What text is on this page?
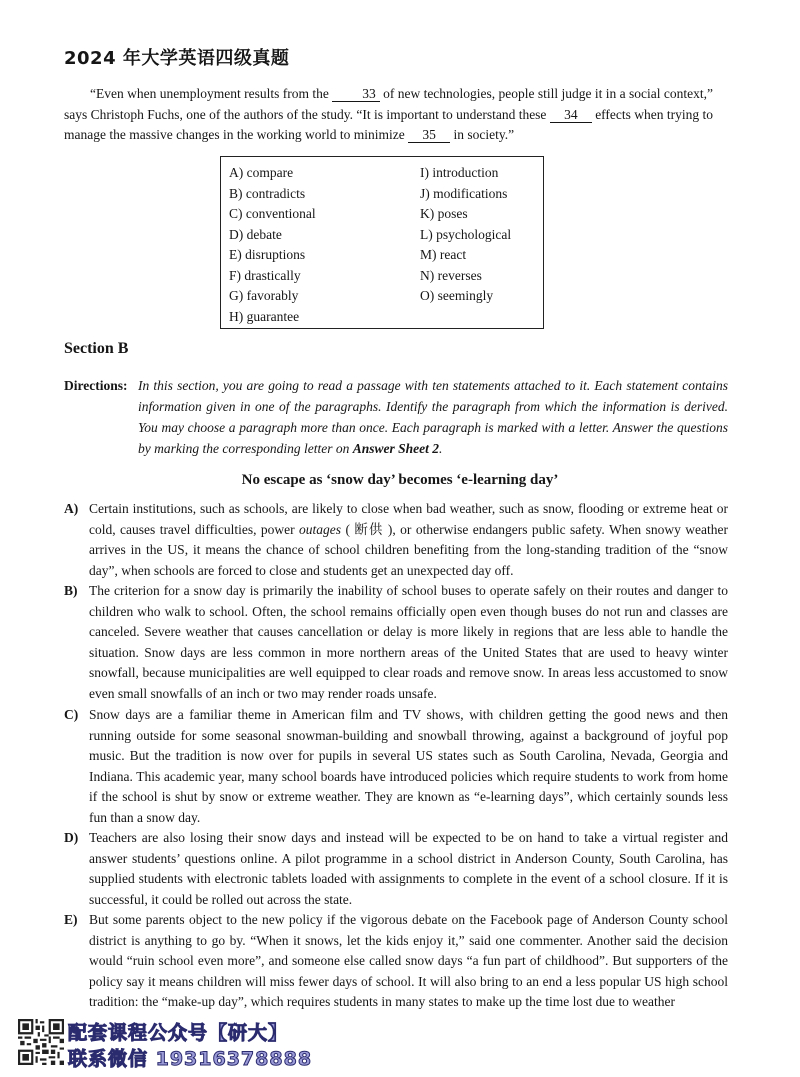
2024 年大学英语四级真题

“Even when unemployment results from the 33 of new technologies, people still judge it in a social context,”

says Christoph Fuchs, one of the authors of the study. “It is important to understand these 34 effects when trying to
manage the massive changes in the working world to minimize 35 in society.”
A) compare
B) contradicts
C) conventional
D) debate
E) disruptions
F) drastically
G) favorably
H) guarantee
I) introduction
J) modifications
K) poses
L) psychological
M) react
N) reverses
O) seemingly
Section B
Directions: In this section, you are going to read a passage with ten statements attached to it. Each statement contains information given in one of the paragraphs. Identify the paragraph from which the information is derived. You may choose a paragraph more than once. Each paragraph is marked with a letter. Answer the questions by marking the corresponding letter on Answer Sheet 2.
No escape as ‘snow day’ becomes ‘e-learning day’
A) Certain institutions, such as schools, are likely to close when bad weather, such as snow, flooding or extreme heat or cold, causes travel difficulties, power outages ( 断供 ), or otherwise endangers public safety. When snowy weather arrives in the US, it means the chance of school children benefiting from the long-standing tradition of the “snow day”, when schools are forced to close and students get an unexpected day off.
B) The criterion for a snow day is primarily the inability of school buses to operate safely on their routes and danger to children who walk to school. Often, the school remains officially open even though buses do not run and classes are canceled. Severe weather that causes cancellation or delay is more likely in regions that are less able to handle the situation. Snow days are less common in more northern areas of the United States that are used to heavy winter snowfall, because municipalities are well equipped to clear roads and remove snow. In areas less accustomed to snow even small snowfalls of an inch or two may render roads unsafe.
C) Snow days are a familiar theme in American film and TV shows, with children getting the good news and then running outside for some seasonal snowman-building and snowball throwing, against a background of joyful pop music. But the tradition is now over for pupils in several US states such as South Carolina, Nevada, Georgia and Indiana. This academic year, many school boards have introduced policies which require students to work from home if the school is shut by snow or extreme weather. They are known as “e-learning days”, which certainly sounds less fun than a snow day.
D) Teachers are also losing their snow days and instead will be expected to be on hand to take a virtual register and answer students’ questions online. A pilot programme in a school district in Anderson County, South Carolina, has supplied students with electronic tablets loaded with assignments to complete in the event of a school closure. If it is successful, it could be rolled out across the state.
E) But some parents object to the new policy if the vigorous debate on the Facebook page of Anderson County school district is anything to go by. “When it snows, let the kids enjoy it,” said one commenter. Another said the decision would “ruin school even more”, and someone else called snow days “a fun part of childhood”. But supporters of the policy say it means children will miss fewer days of school. It will also bring to an end a less popular US high school tradition: the “make-up day”, which requires students in many states to make up the time lost due to weather
配套课程公众号【研大】
联系微信 19316378888
